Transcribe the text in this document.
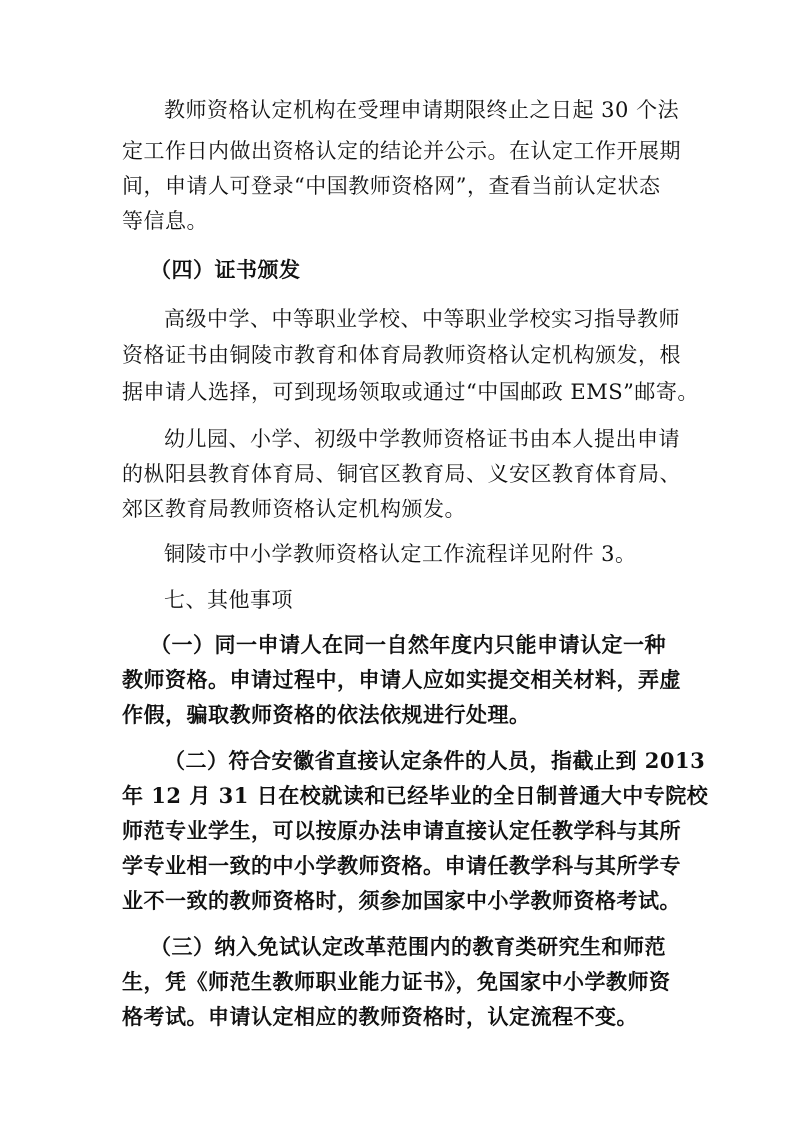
教师资格认定机构在受理申请期限终止之日起 30 个法
定工作日内做出资格认定的结论并公示。在认定工作开展期
间，申请人可登录“中国教师资格网”，查看当前认定状态
等信息。
（四）证书颁发
高级中学、中等职业学校、中等职业学校实习指导教师
资格证书由铜陵市教育和体育局教师资格认定机构颁发，根
据申请人选择，可到现场领取或通过“中国邮政 EMS”邮寄。
幼儿园、小学、初级中学教师资格证书由本人提出申请
的枞阳县教育体育局、铜官区教育局、义安区教育体育局、
郊区教育局教师资格认定机构颁发。
铜陵市中小学教师资格认定工作流程详见附件 3。
七、其他事项
（一）同一申请人在同一自然年度内只能申请认定一种
教师资格。申请过程中，申请人应如实提交相关材料，弄虚
作假，骗取教师资格的依法依规进行处理。
（二）符合安徽省直接认定条件的人员，指截止到 2013
年 12 月 31 日在校就读和已经毕业的全日制普通大中专院校
师范专业学生，可以按原办法申请直接认定任教学科与其所
学专业相一致的中小学教师资格。申请任教学科与其所学专
业不一致的教师资格时，须参加国家中小学教师资格考试。
（三）纳入免试认定改革范围内的教育类研究生和师范
生，凭《师范生教师职业能力证书》，免国家中小学教师资
格考试。申请认定相应的教师资格时，认定流程不变。
